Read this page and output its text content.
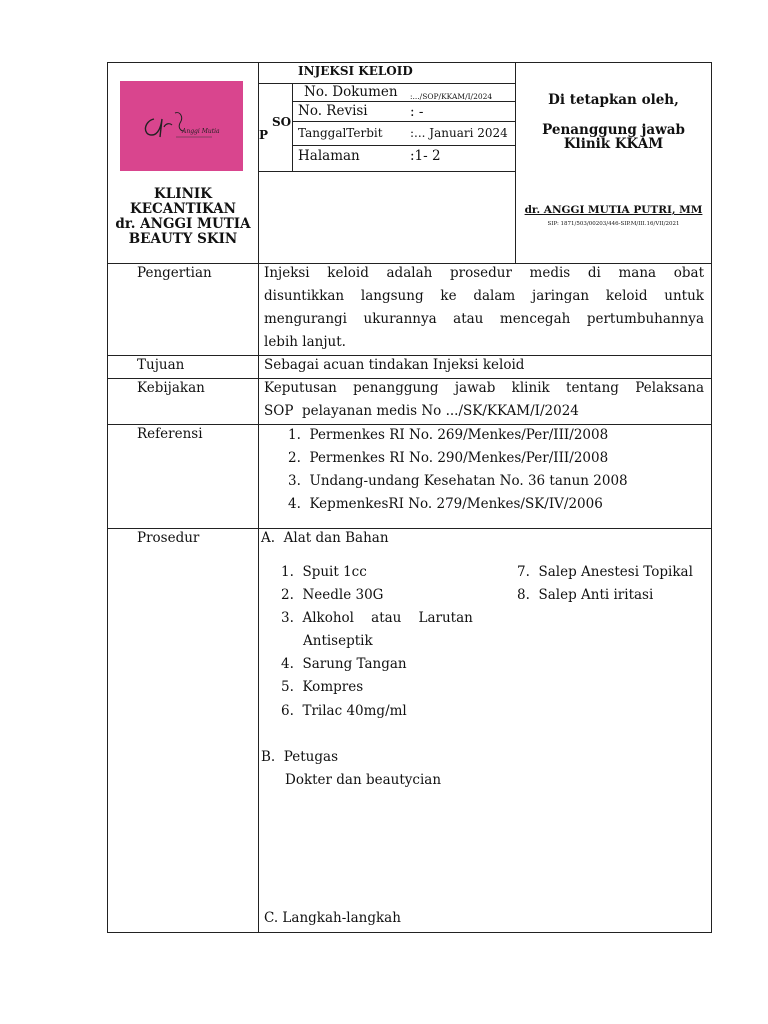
Anggi Mutia
KLINIK
KECANTIKAN
dr. ANGGI MUTIA
BEAUTY SKIN
INJEKSI KELOID
SO
P
No. Dokumen :.../SOP/KKAM/I/2024
No. Revisi	: -
TanggalTerbit :... Januari 2024
Halaman	:1- 2
Di tetapkan oleh,
Penanggung jawab
Klinik KKAM
dr. ANGGI MUTIA PUTRI, MM
SIP: 1871/503/00203/446-SIP.M/III.16/VII/2021
Pengertian	Injeksi keloid adalah prosedur medis di mana obat
disuntikkan langsung ke dalam jaringan keloid untuk
mengurangi ukurannya atau mencegah pertumbuhannya
lebih lanjut.
Tujuan	Sebagai acuan tindakan Injeksi keloid
Kebijakan	Keputusan penanggung jawab klinik tentang Pelaksana
SOP  pelayanan medis No .../SK/KKAM/I/2024
Referensi	1.  Permenkes RI No. 269/Menkes/Per/III/2008
2.  Permenkes RI No. 290/Menkes/Per/III/2008
3.  Undang-undang Kesehatan No. 36 tanun 2008
4.  KepmenkesRI No. 279/Menkes/SK/IV/2006
Prosedur	A.  Alat dan Bahan
1.  Spuit 1cc
2.  Needle 30G
3.  Alkohol    atau    Larutan
Antiseptik
4.  Sarung Tangan
5.  Kompres
6.  Trilac 40mg/ml
7.  Salep Anestesi Topikal
8.  Salep Anti iritasi
B.  Petugas
Dokter dan beautycian
C. Langkah-langkah
